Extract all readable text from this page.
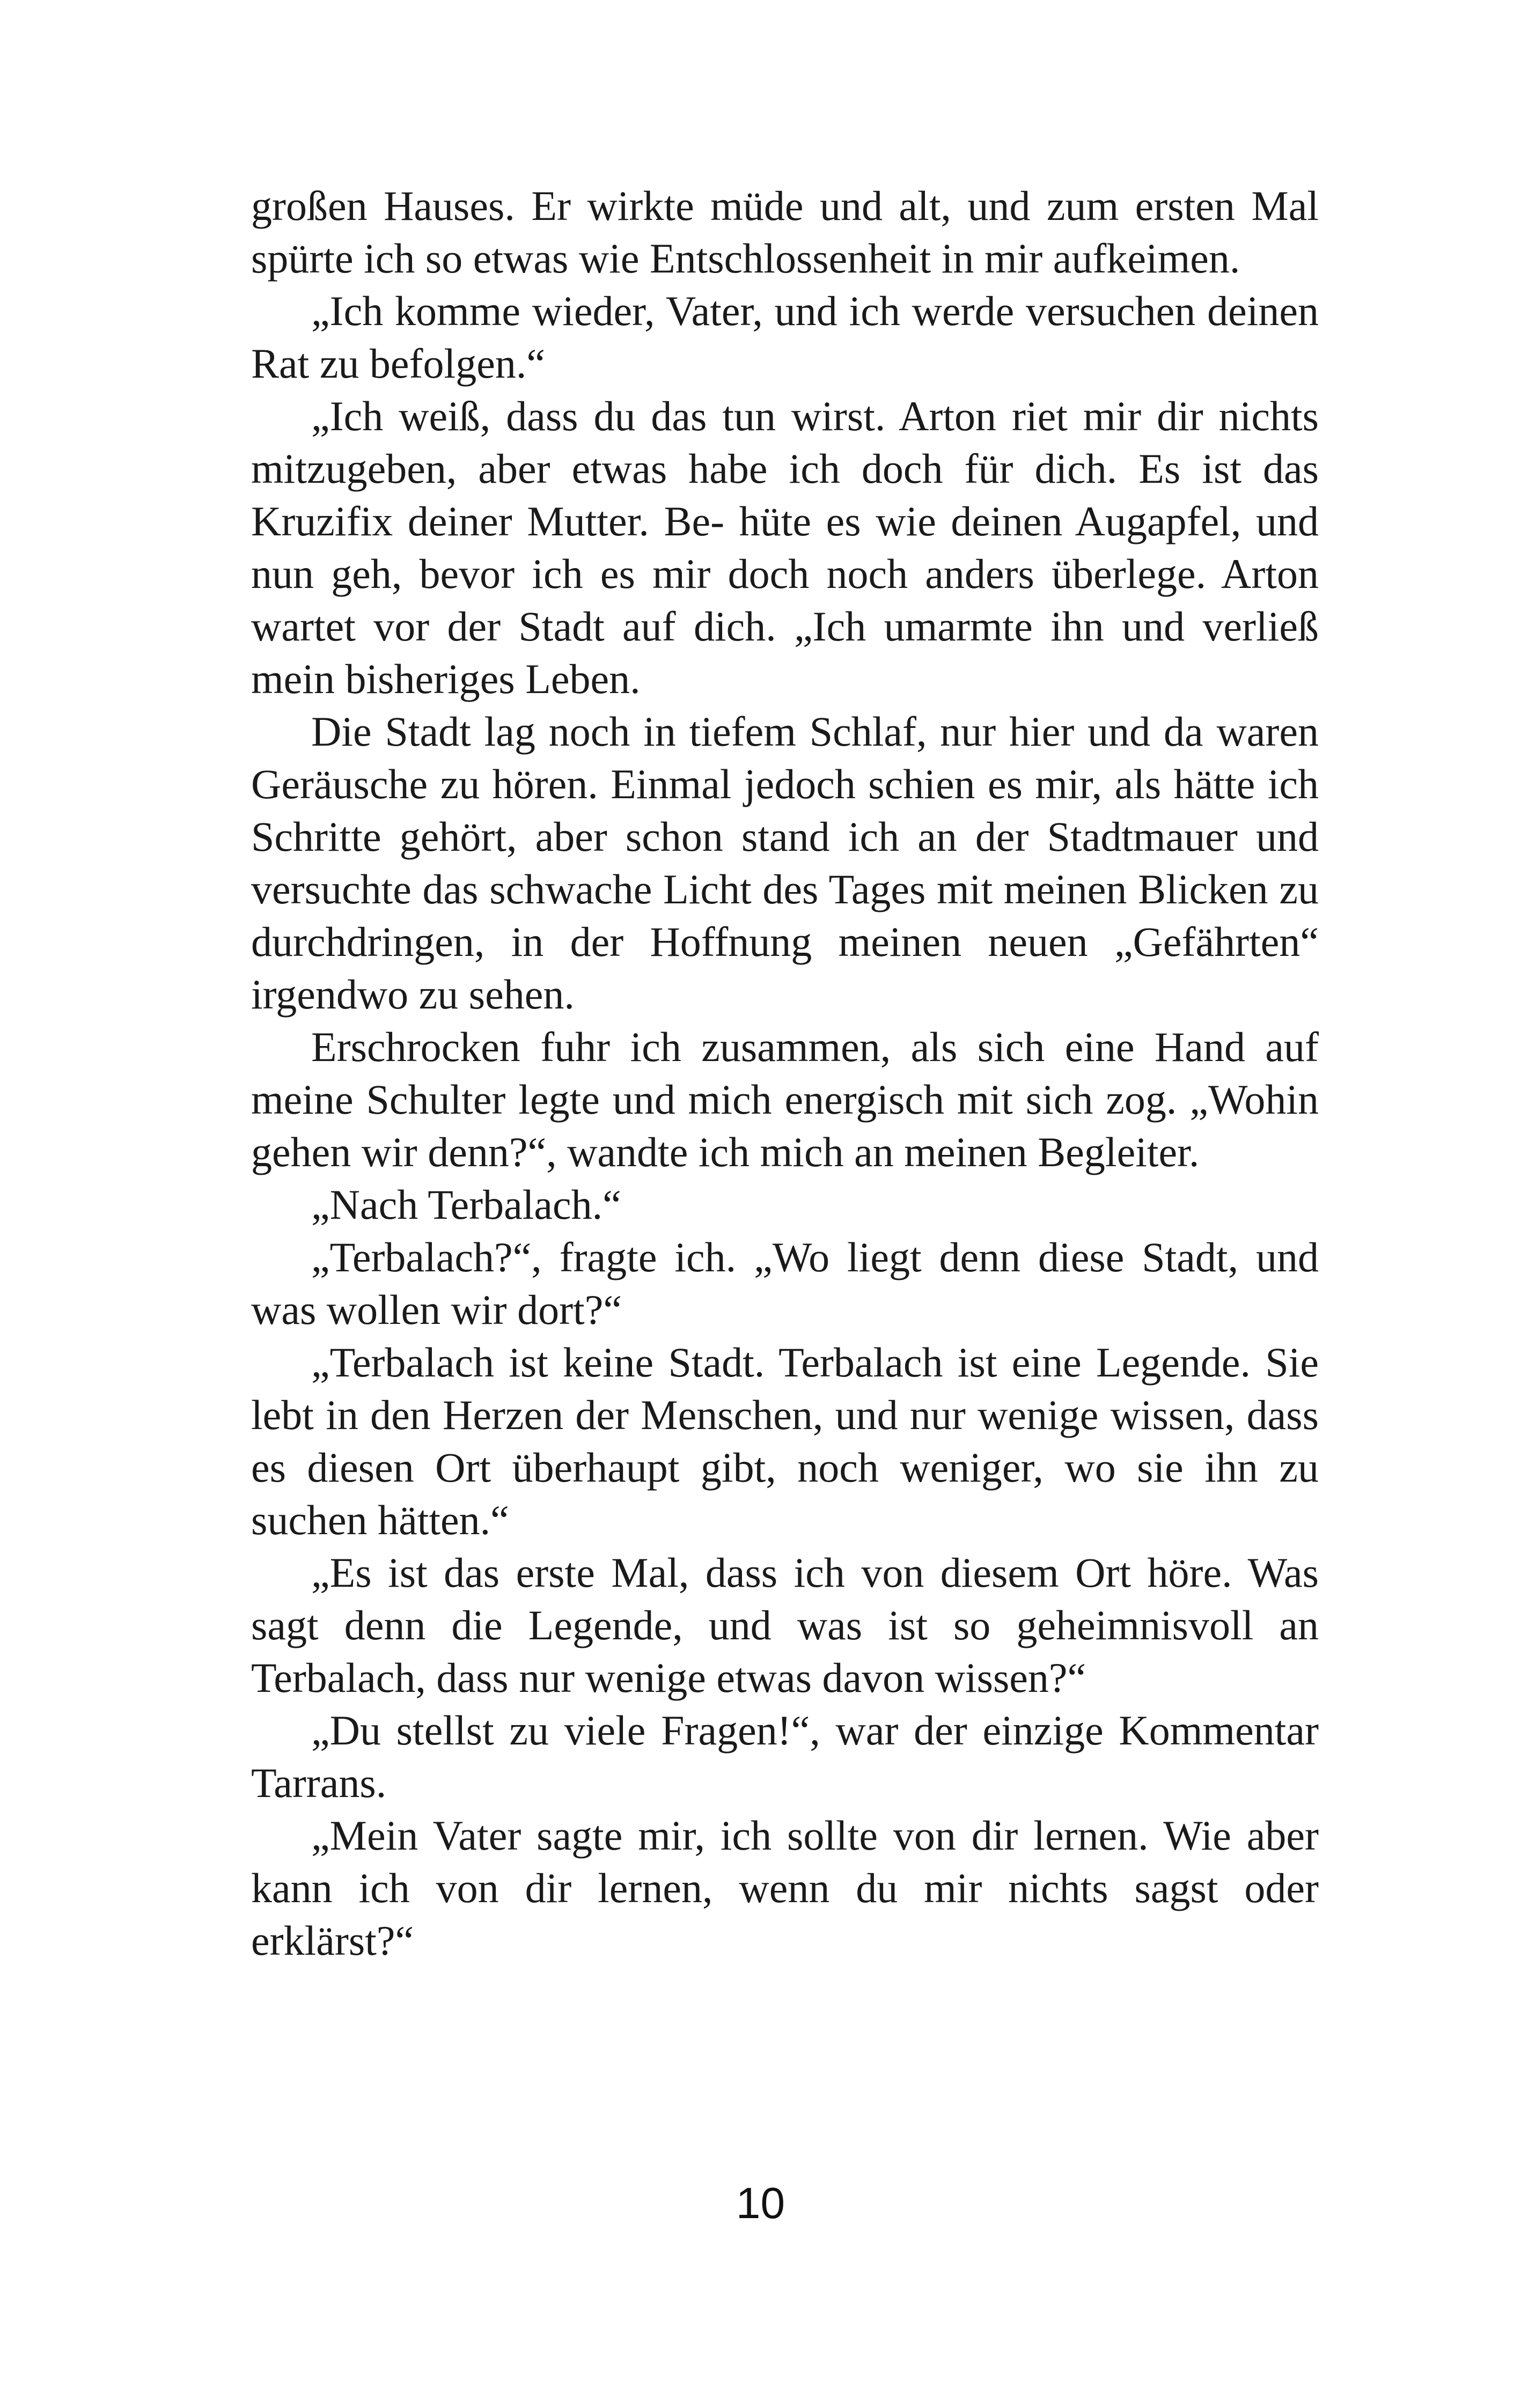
großen Hauses. Er wirkte müde und alt, und zum ersten Mal spürte ich so etwas wie Entschlossenheit in mir aufkeimen.

„Ich komme wieder, Vater, und ich werde versuchen deinen Rat zu befolgen.“

„Ich weiß, dass du das tun wirst. Arton riet mir dir nichts mitzugeben, aber etwas habe ich doch für dich. Es ist das Kruzifix deiner Mutter. Be- hüte es wie deinen Augapfel, und nun geh, bevor ich es mir doch noch anders überlege. Arton wartet vor der Stadt auf dich. „Ich umarmte ihn und verließ mein bisheriges Leben.

Die Stadt lag noch in tiefem Schlaf, nur hier und da waren Geräusche zu hören. Einmal jedoch schien es mir, als hätte ich Schritte gehört, aber schon stand ich an der Stadtmauer und versuchte das schwache Licht des Tages mit meinen Blicken zu durchdringen, in der Hoffnung meinen neuen „Gefährten“ irgendwo zu sehen.

Erschrocken fuhr ich zusammen, als sich eine Hand auf meine Schulter legte und mich energisch mit sich zog. „Wohin gehen wir denn?“, wandte ich mich an meinen Begleiter.

„Nach Terbalach.“

„Terbalach?“, fragte ich. „Wo liegt denn diese Stadt, und was wollen wir dort?“

„Terbalach ist keine Stadt. Terbalach ist eine Legende. Sie lebt in den Herzen der Menschen, und nur wenige wissen, dass es diesen Ort überhaupt gibt, noch weniger, wo sie ihn zu suchen hätten.“

„Es ist das erste Mal, dass ich von diesem Ort höre. Was sagt denn die Legende, und was ist so geheimnisvoll an Terbalach, dass nur wenige etwas davon wissen?“

„Du stellst zu viele Fragen!“, war der einzige Kommentar Tarrans.

„Mein Vater sagte mir, ich sollte von dir lernen. Wie aber kann ich von dir lernen, wenn du mir nichts sagst oder erklärst?“

10
